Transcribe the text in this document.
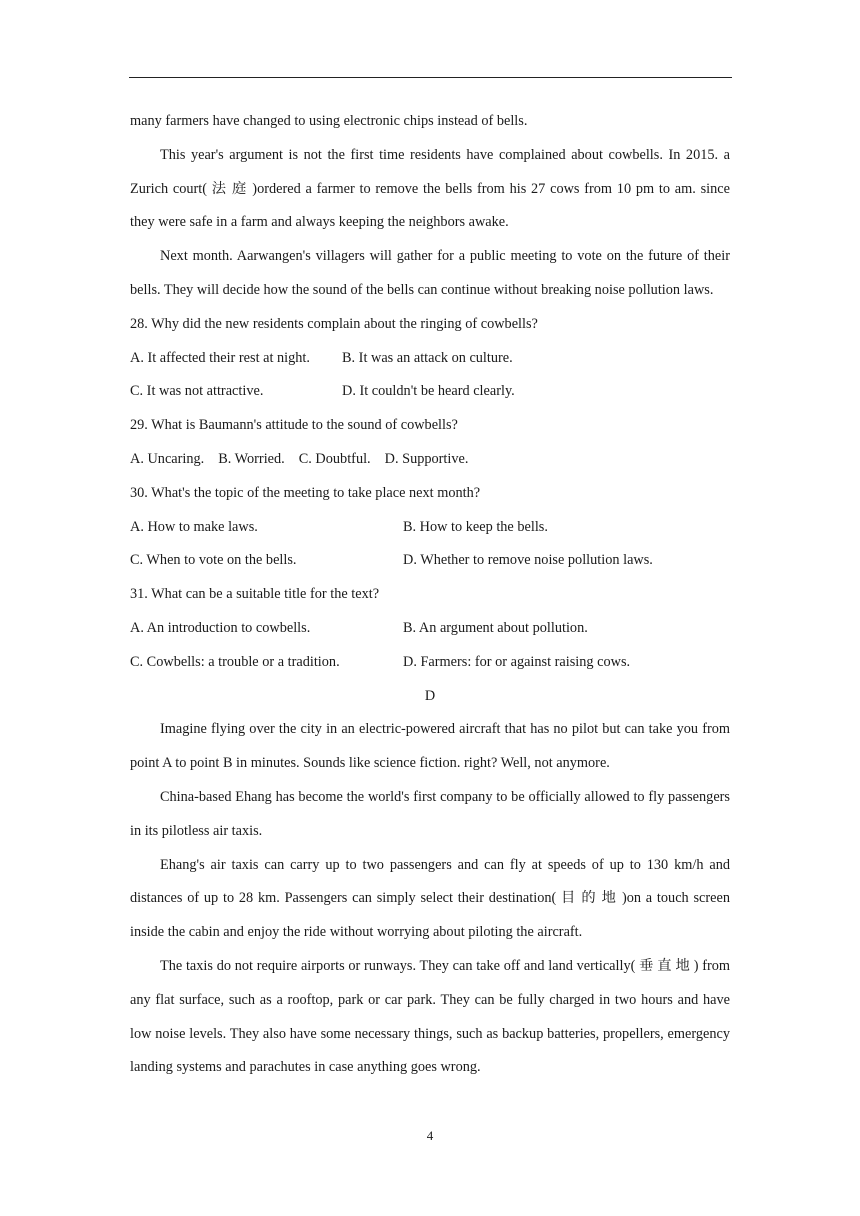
many farmers have changed to using electronic chips instead of bells.

This year's argument is not the first time residents have complained about cowbells. In 2015. a Zurich court( 法 庭 )ordered a farmer to remove the bells from his 27 cows from 10 pm to am. since they were safe in a farm and always keeping the neighbors awake.

Next month. Aarwangen's villagers will gather for a public meeting to vote on the future of their bells. They will decide how the sound of the bells can continue without breaking noise pollution laws.

28. Why did the new residents complain about the ringing of cowbells?

A. It affected their rest at night.	B. It was an attack on culture.
C. It was not attractive.	D. It couldn't be heard clearly.

29. What is Baumann's attitude to the sound of cowbells?

A. Uncaring. B. Worried. C. Doubtful. D. Supportive.

30. What's the topic of the meeting to take place next month?

A. How to make laws.	B. How to keep the bells.
C. When to vote on the bells.	D. Whether to remove noise pollution laws.

31. What can be a suitable title for the text?

A. An introduction to cowbells.	B. An argument about pollution.
C. Cowbells: a trouble or a tradition.	D. Farmers: for or against raising cows.

D

Imagine flying over the city in an electric-powered aircraft that has no pilot but can take you from point A to point B in minutes. Sounds like science fiction. right? Well, not anymore.

China-based Ehang has become the world's first company to be officially allowed to fly passengers in its pilotless air taxis.

Ehang's air taxis can carry up to two passengers and can fly at speeds of up to 130 km/h and distances of up to 28 km. Passengers can simply select their destination( 目 的 地 )on a touch screen inside the cabin and enjoy the ride without worrying about piloting the aircraft.

The taxis do not require airports or runways. They can take off and land vertically( 垂 直 地 ) from any flat surface, such as a rooftop, park or car park. They can be fully charged in two hours and have low noise levels. They also have some necessary things, such as backup batteries, propellers, emergency landing systems and parachutes in case anything goes wrong.

4
